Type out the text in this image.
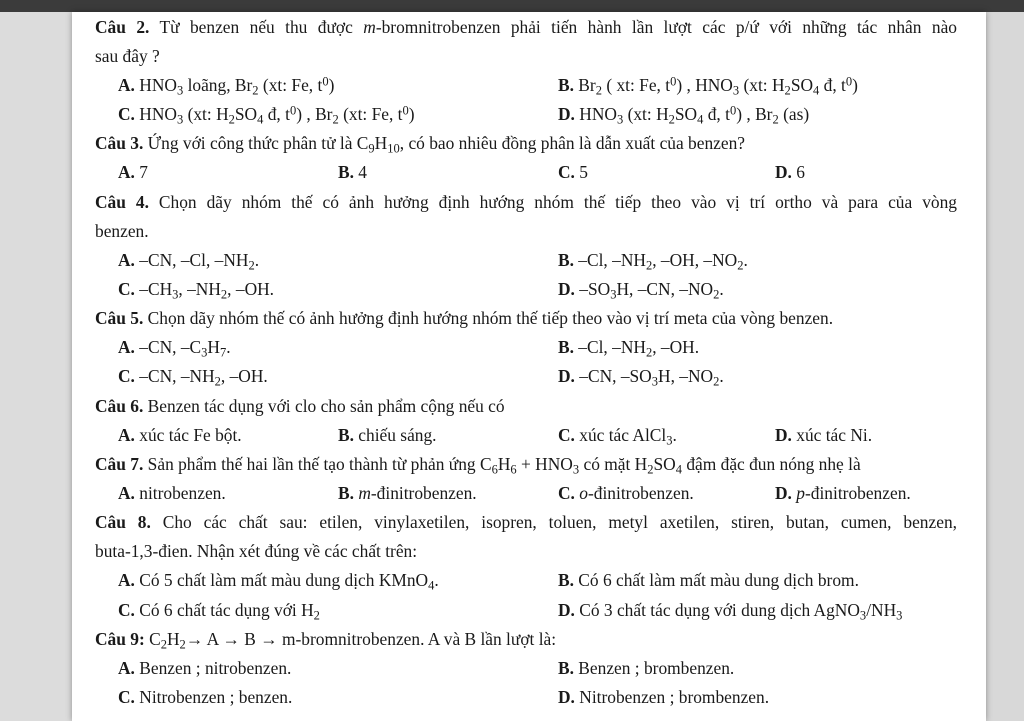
Câu 2. Từ benzen nếu thu được m-bromnitrobenzen phải tiến hành lần lượt các p/ứ với những tác nhân nào
sau đây ?
A. $HNO_3$ loãng, $Br_2$ (xt: Fe, $t^0$)	B. $Br_2$ ( xt: Fe, $t^0$) , $HNO_3$ (xt: $H_2SO_4$ đ, $t^0$)
C. $HNO_3$ (xt: $H_2SO_4$ đ, $t^0$) , $Br_2$ (xt: Fe, $t^0$)	D. $HNO_3$ (xt: $H_2SO_4$ đ, $t^0$) , $Br_2$ (as)
Câu 3. Ứng với công thức phân tử là $C_9H_{10}$, có bao nhiêu đồng phân là dẫn xuất của benzen?
A. 7	B. 4	C. 5	D. 6
Câu 4. Chọn dãy nhóm thế có ảnh hưởng định hướng nhóm thế tiếp theo vào vị trí ortho và para của vòng
benzen.
A. –CN, –Cl, $-NH_2$.	B. –Cl, $-NH_2$, –OH, $-NO_2$.
C. $-CH_3$, $-NH_2$, –OH.	D. $-SO_3H$, –CN, $-NO_2$.
Câu 5. Chọn dãy nhóm thế có ảnh hưởng định hướng nhóm thế tiếp theo vào vị trí meta của vòng benzen.
A. –CN, $-C_3H_7$.	B. –Cl, $-NH_2$, –OH.
C. –CN, $-NH_2$, –OH.	D. –CN, $-SO_3H$, $-NO_2$.
Câu 6. Benzen tác dụng với clo cho sản phẩm cộng nếu có
A. xúc tác Fe bột.	B. chiếu sáng.	C. xúc tác AlCl$_3$.	D. xúc tác Ni.
Câu 7. Sản phẩm thế hai lần thế tạo thành từ phản ứng $C_6H_6 + HNO_3$ có mặt $H_2SO_4$ đậm đặc đun nóng nhẹ là
A. nitrobenzen.	B. m-đinitrobenzen.	C. o-đinitrobenzen.	D. p-đinitrobenzen.
Câu 8. Cho các chất sau: etilen, vinylaxetilen, isopren, toluen, metyl axetilen, stiren, butan, cumen, benzen,
buta-1,3-đien. Nhận xét đúng về các chất trên:
A. Có 5 chất làm mất màu dung dịch KMnO$_4$.	B. Có 6 chất làm mất màu dung dịch brom.
C. Có 6 chất tác dụng với $H_2$	D. Có 3 chất tác dụng với dung dịch $AgNO_3/NH_3$
Câu 9: $C_2H_2\to A \to B$ → m-bromnitrobenzen. A và B lần lượt là:
A. Benzen ; nitrobenzen.	B. Benzen ; brombenzen.
C. Nitrobenzen ; benzen.	D. Nitrobenzen ; brombenzen.
